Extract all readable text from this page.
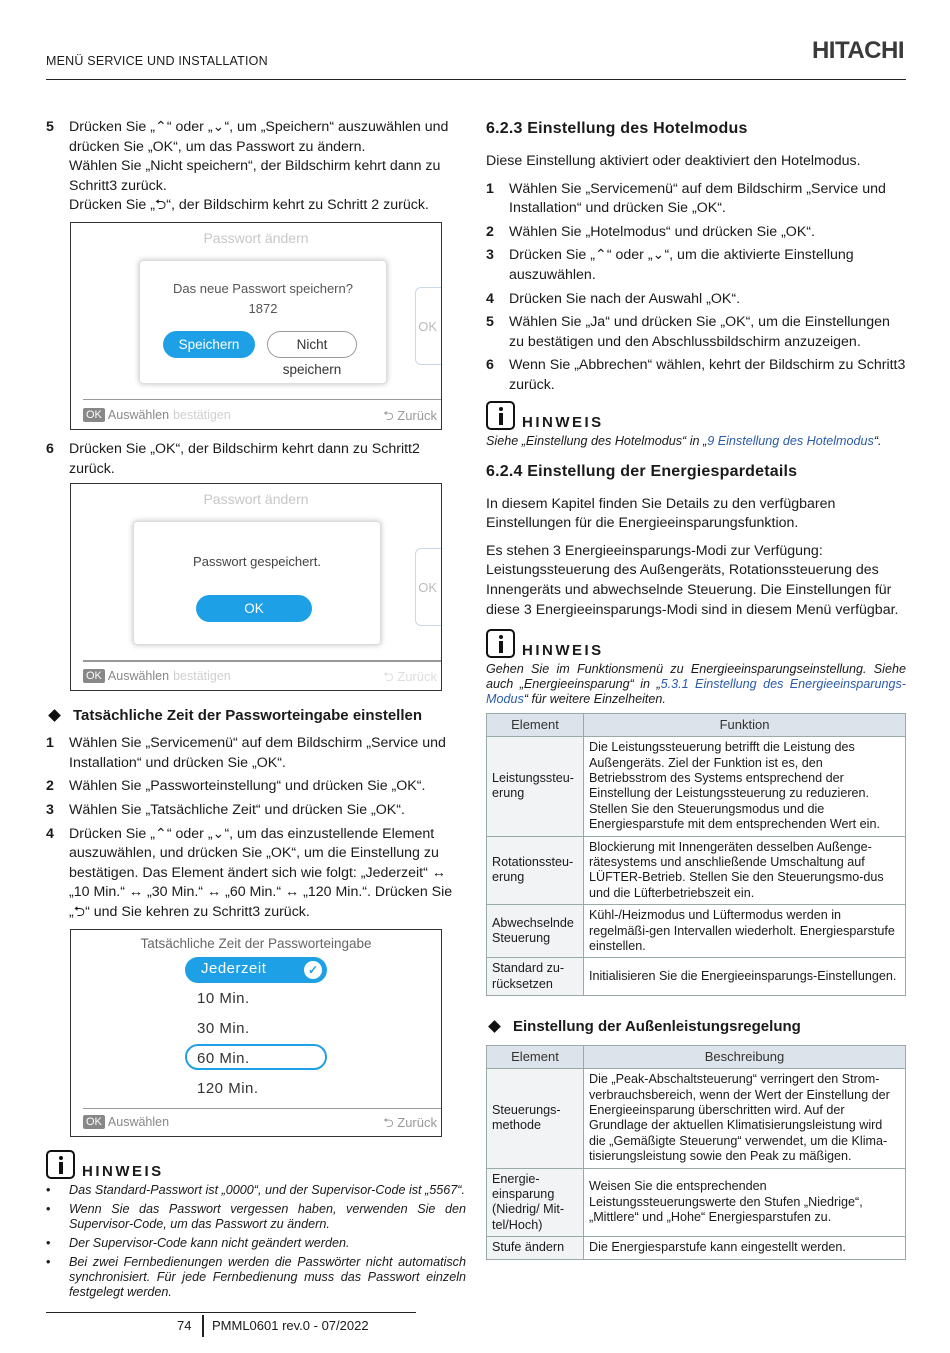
MENÜ SERVICE UND INSTALLATION	HITACHI
5	Drücken Sie „⌃“ oder „⌄“, um „Speichern“ auszuwählen und drücken Sie „OK“, um das Passwort zu ändern.
Wählen Sie „Nicht speichern“, der Bildschirm kehrt dann zu Schritt3 zurück.
Drücken Sie „⮌“, der Bildschirm kehrt zu Schritt 2 zurück.
Passwort ändern
OK
Das neue Passwort speichern?
1872
Speichern	Nicht speichern
OK Auswählen bestätigen	⮌ Zurück
6	Drücken Sie „OK“, der Bildschirm kehrt dann zu Schritt2 zurück.
Passwort ändern
OK
Passwort gespeichert.
OK
OK Auswählen bestätigen	⮌ Zurück
Tatsächliche Zeit der Passworteingabe einstellen
1	Wählen Sie „Servicemenü“ auf dem Bildschirm „Service und Installation“ und drücken Sie „OK“.
2	Wählen Sie „Passworteinstellung“ und drücken Sie „OK“.
3	Wählen Sie „Tatsächliche Zeit“ und drücken Sie „OK“.
4	Drücken Sie „⌃“ oder „⌄“, um das einzustellende Element auszuwählen, und drücken Sie „OK“, um die Einstellung zu bestätigen. Das Element ändert sich wie folgt: „Jederzeit“ ↔ „10 Min.“ ↔ „30 Min.“ ↔ „60 Min.“ ↔ „120 Min.“. Drücken Sie „⮌“ und Sie kehren zu Schritt3 zurück.
Tatsächliche Zeit der Passworteingabe
Jederzeit	✓
10 Min.
30 Min.
60 Min.
120 Min.
OK Auswählen	⮌ Zurück
HINWEIS
•	Das Standard-Passwort ist „0000“, und der Supervisor-Code ist „5567“.
•	Wenn Sie das Passwort vergessen haben, verwenden Sie den Supervisor-Code, um das Passwort zu ändern.
•	Der Supervisor-Code kann nicht geändert werden.
•	Bei zwei Fernbedienungen werden die Passwörter nicht automatisch synchronisiert. Für jede Fernbedienung muss das Passwort einzeln festgelegt werden.
6.2.3 Einstellung des Hotelmodus
Diese Einstellung aktiviert oder deaktiviert den Hotelmodus.
1	Wählen Sie „Servicemenü“ auf dem Bildschirm „Service und Installation“ und drücken Sie „OK“.
2	Wählen Sie „Hotelmodus“ und drücken Sie „OK“.
3	Drücken Sie „⌃“ oder „⌄“, um die aktivierte Einstellung auszuwählen.
4	Drücken Sie nach der Auswahl „OK“.
5	Wählen Sie „Ja“ und drücken Sie „OK“, um die Einstellungen zu bestätigen und den Abschlussbildschirm anzuzeigen.
6	Wenn Sie „Abbrechen“ wählen, kehrt der Bildschirm zu Schritt3 zurück.
HINWEIS
Siehe „Einstellung des Hotelmodus“ in „9 Einstellung des Hotelmodus“.
6.2.4 Einstellung der Energiespardetails
In diesem Kapitel finden Sie Details zu den verfügbaren Einstellungen für die Energieeinsparungsfunktion.
Es stehen 3 Energieeinsparungs-Modi zur Verfügung: Leistungssteuerung des Außengeräts, Rotationssteuerung des Innengeräts und abwechselnde Steuerung. Die Einstellungen für diese 3 Energieeinsparungs-Modi sind in diesem Menü verfügbar.
HINWEIS
Gehen Sie im Funktionsmenü zu Energieeinsparungseinstellung. Siehe auch „Energieeinsparung“ in „5.3.1 Einstellung des Energieeinsparungs-Modus“ für weitere Einzelheiten.
Element	Funktion
Leistungssteu-erung	Die Leistungssteuerung betrifft die Leistung des Außengeräts. Ziel der Funktion ist es, den Betriebsstrom des Systems entsprechend der Einstellung der Leistungssteuerung zu reduzieren. Stellen Sie den Steuerungsmodus und die Energiesparstufe mit dem entsprechenden Wert ein.
Rotationssteu-erung	Blockierung mit Innengeräten desselben Außenge-rätesystems und anschließende Umschaltung auf LÜFTER-Betrieb. Stellen Sie den Steuerungsmo-dus und die Lüfterbetriebszeit ein.
Abwechselnde Steuerung	Kühl-/Heizmodus und Lüftermodus werden in regelmäßi-gen Intervallen wiederholt. Energiesparstufe einstellen.
Standard zu-rücksetzen	Initialisieren Sie die Energieeinsparungs-Einstellungen.
Einstellung der Außenleistungsregelung
Element	Beschreibung
Steuerungs-methode	Die „Peak-Abschaltsteuerung“ verringert den Strom-verbrauchsbereich, wenn der Wert der Einstellung der Energieeinsparung überschritten wird. Auf der Grundlage der aktuellen Klimatisierungsleistung wird die „Gemäßigte Steuerung“ verwendet, um die Klima-tisierungsleistung sowie den Peak zu mäßigen.
Energie-einsparung (Niedrig/ Mit-tel/Hoch)	Weisen Sie die entsprechenden Leistungssteuerungswerte den Stufen „Niedrige“, „Mittlere“ und „Hohe“ Energiesparstufen zu.
Stufe ändern	Die Energiesparstufe kann eingestellt werden.
74 PMML0601 rev.0 - 07/2022
